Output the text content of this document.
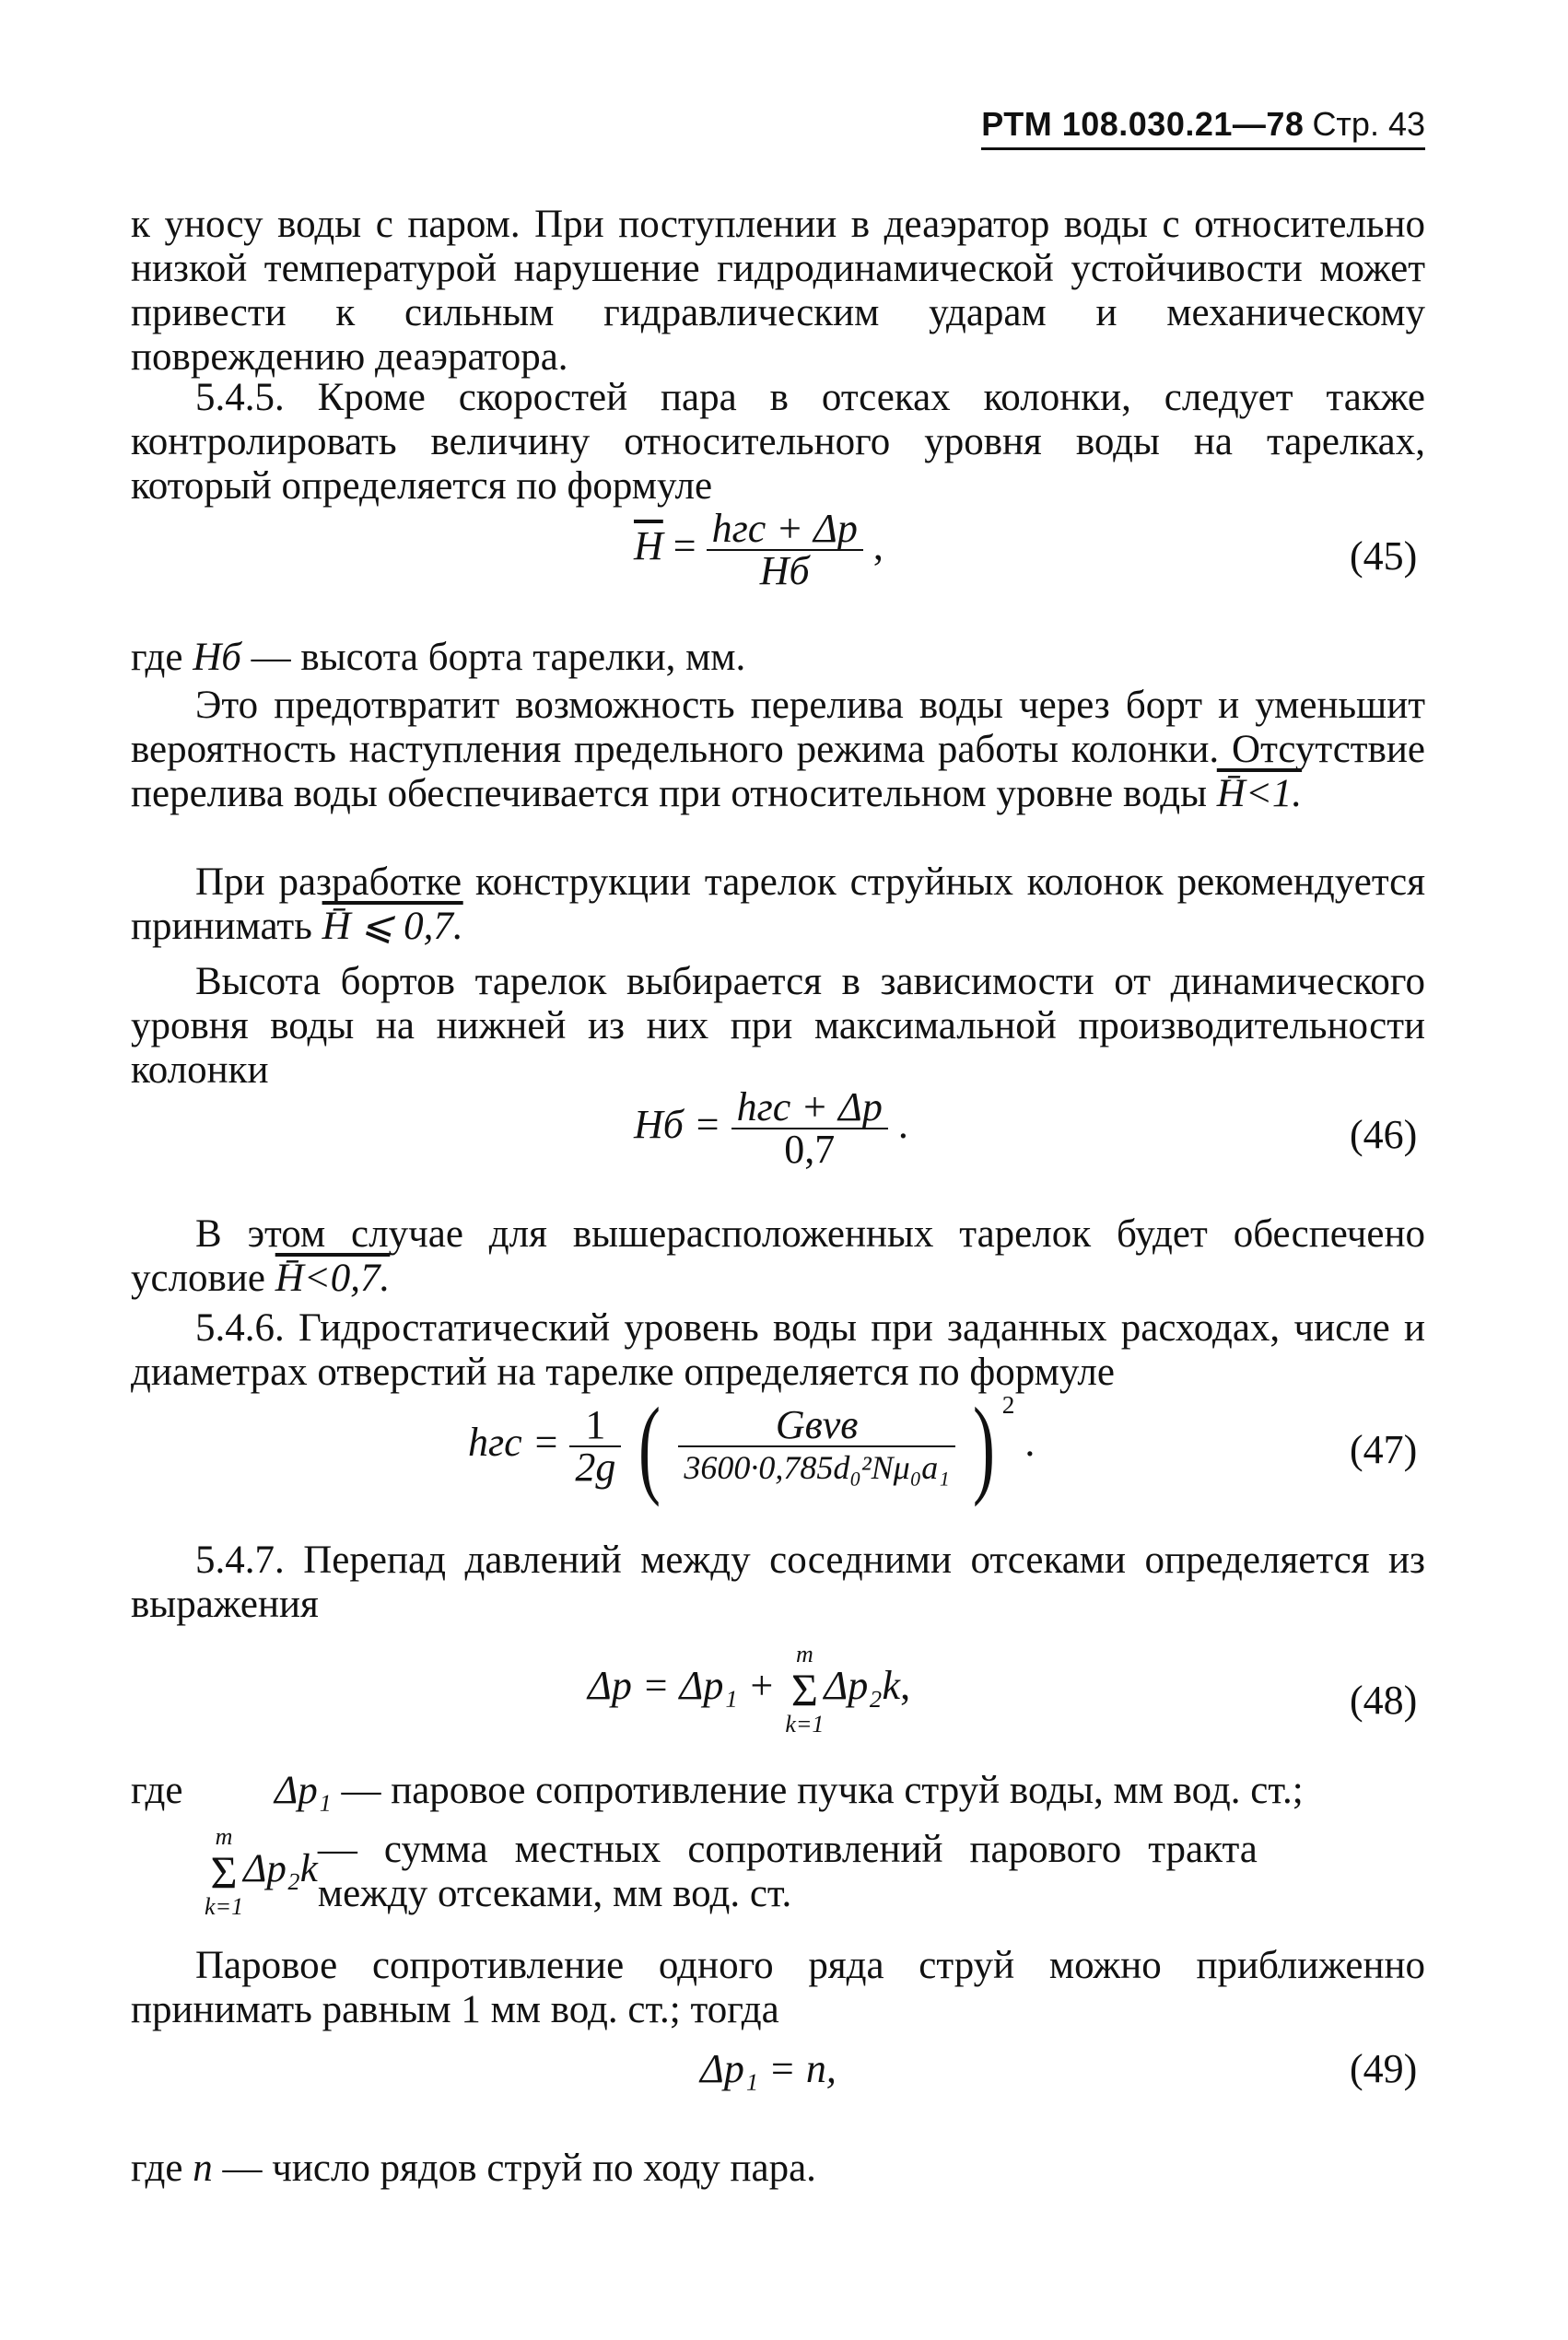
РТМ 108.030.21—78 Стр. 43

к уносу воды с паром. При поступлении в деаэратор воды с относительно низкой температурой нарушение гидродинамической устойчивости может привести к сильным гидравлическим ударам и механическому повреждению деаэратора.

5.4.5. Кроме скоростей пара в отсеках колонки, следует также контролировать величину относительного уровня воды на тарелках, который определяется по формуле

$\overline{H} = \frac{\text{hгс + Δp}}{Hб}$ ,	(45)

где Hб — высота борта тарелки, мм.

Это предотвратит возможность перелива воды через борт и уменьшит вероятность наступления предельного режима работы колонки. Отсутствие перелива воды обеспечивается при относительном уровне воды H̄<1.

При разработке конструкции тарелок струйных колонок рекомендуется принимать H̄ ⩽ 0,7.

Высота бортов тарелок выбирается в зависимости от динамического уровня воды на нижней из них при максимальной производительности колонки

Hб = $\frac{\text{hгс + Δp}}{0,7}$ .	(46)

В этом случае для вышерасположенных тарелок будет обеспечено условие H̄<0,7.

5.4.6. Гидростатический уровень воды при заданных расходах, числе и диаметрах отверстий на тарелке определяется по формуле

hгс = $\frac{1}{2g}$ ( $\frac{\text{Gвvв}}{\text{3600·0,785d₀²Nμ₀a₁}}$ ) $^2$ .	(47)

5.4.7. Перепад давлений между соседними отсеками определяется из выражения

Δp = Δp₁ +
m
Σ
k=1
Δp₂k,	(48)
где Δp₁ — паровое сопротивление пучка струй воды, мм вод. ст.;
m
Σ
k=1
Δp₂k— сумма местных сопротивлений парового тракта между отсеками, мм вод. ст.

Паровое сопротивление одного ряда струй можно приближенно принимать равным 1 мм вод. ст.; тогда

Δp₁ = n,	(49)

где n — число рядов струй по ходу пара.
